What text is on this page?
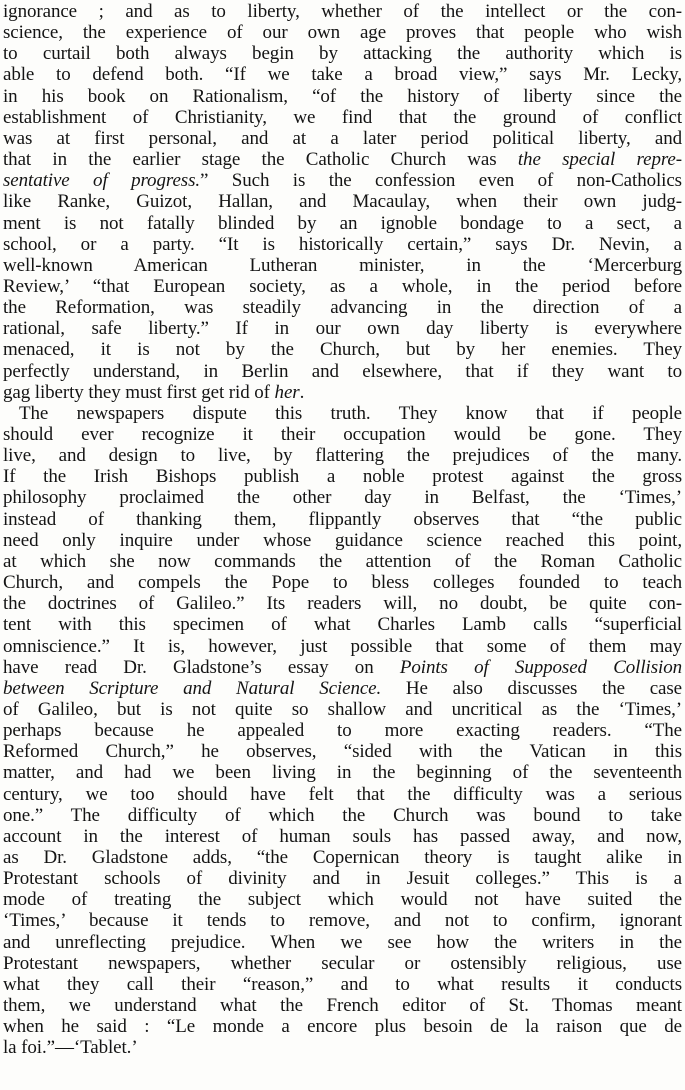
ignorance ; and as to liberty, whether of the intellect or the con-
science, the experience of our own age proves that people who wish
to curtail both always begin by attacking the authority which is
able to defend both. “If we take a broad view,” says Mr. Lecky,
in his book on Rationalism, “of the history of liberty since the
establishment of Christianity, we find that the ground of conflict
was at first personal, and at a later period political liberty, and
that in the earlier stage the Catholic Church was the special repre-
sentative of progress.” Such is the confession even of non-Catholics
like Ranke, Guizot, Hallan, and Macaulay, when their own judg-
ment is not fatally blinded by an ignoble bondage to a sect, a
school, or a party. “It is historically certain,” says Dr. Nevin, a
well-known American Lutheran minister, in the ‘Mercerburg
Review,’ “that European society, as a whole, in the period before
the Reformation, was steadily advancing in the direction of a
rational, safe liberty.” If in our own day liberty is everywhere
menaced, it is not by the Church, but by her enemies. They
perfectly understand, in Berlin and elsewhere, that if they want to
gag liberty they must first get rid of her.
The newspapers dispute this truth. They know that if people
should ever recognize it their occupation would be gone. They
live, and design to live, by flattering the prejudices of the many.
If the Irish Bishops publish a noble protest against the gross
philosophy proclaimed the other day in Belfast, the ‘Times,’
instead of thanking them, flippantly observes that “the public
need only inquire under whose guidance science reached this point,
at which she now commands the attention of the Roman Catholic
Church, and compels the Pope to bless colleges founded to teach
the doctrines of Galileo.” Its readers will, no doubt, be quite con-
tent with this specimen of what Charles Lamb calls “superficial
omniscience.” It is, however, just possible that some of them may
have read Dr. Gladstone’s essay on Points of Supposed Collision
between Scripture and Natural Science. He also discusses the case
of Galileo, but is not quite so shallow and uncritical as the ‘Times,’
perhaps because he appealed to more exacting readers. “The
Reformed Church,” he observes, “sided with the Vatican in this
matter, and had we been living in the beginning of the seventeenth
century, we too should have felt that the difficulty was a serious
one.” The difficulty of which the Church was bound to take
account in the interest of human souls has passed away, and now,
as Dr. Gladstone adds, “the Copernican theory is taught alike in
Protestant schools of divinity and in Jesuit colleges.” This is a
mode of treating the subject which would not have suited the
‘Times,’ because it tends to remove, and not to confirm, ignorant
and unreflecting prejudice. When we see how the writers in the
Protestant newspapers, whether secular or ostensibly religious, use
what they call their “reason,” and to what results it conducts
them, we understand what the French editor of St. Thomas meant
when he said : “Le monde a encore plus besoin de la raison que de
la foi.”—‘Tablet.’
